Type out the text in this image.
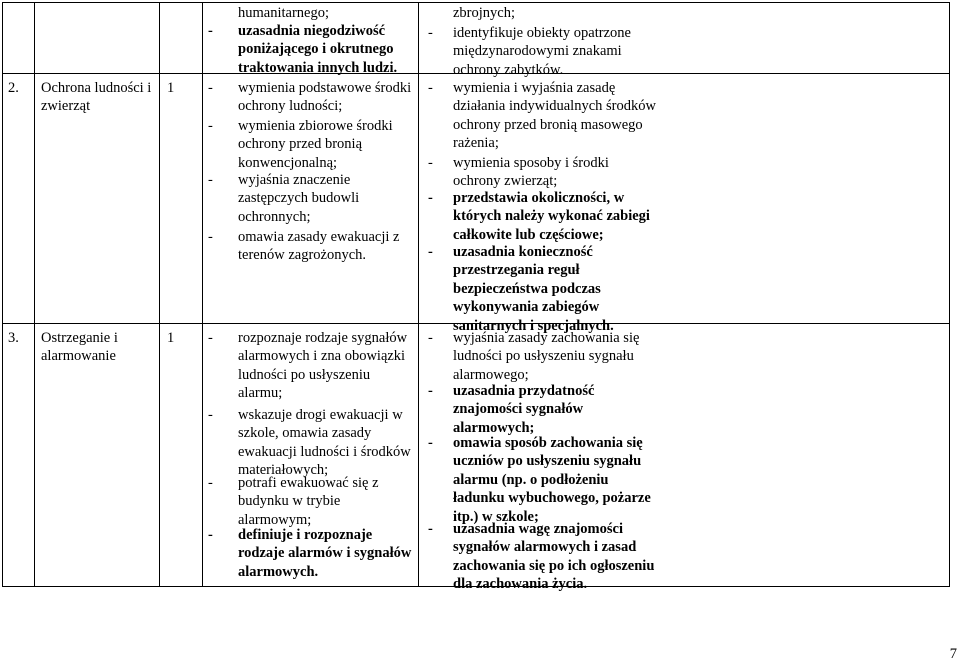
humanitarnego;
- uzasadnia niegodziwość
poniżającego i okrutnego
traktowania innych ludzi.
zbrojnych;
- identyfikuje obiekty opatrzone
międzynarodowymi znakami
ochrony zabytków.
2. Ochrona ludności i
zwierząt
1 - wymienia podstawowe środki
ochrony ludności;
- wymienia zbiorowe środki
ochrony przed bronią
konwencjonalną;
- wyjaśnia znaczenie
zastępczych budowli
ochronnych;
- omawia zasady ewakuacji z
terenów zagrożonych.
- wymienia i wyjaśnia zasadę
działania indywidualnych środków
ochrony przed bronią masowego
rażenia;
- wymienia sposoby i środki
ochrony zwierząt;
- przedstawia okoliczności, w
których należy wykonać zabiegi
całkowite lub częściowe;
- uzasadnia konieczność
przestrzegania reguł
bezpieczeństwa podczas
wykonywania zabiegów
sanitarnych i specjalnych.
3. Ostrzeganie i
alarmowanie
1 - rozpoznaje rodzaje sygnałów
alarmowych i zna obowiązki
ludności po usłyszeniu
alarmu;
- wskazuje drogi ewakuacji w
szkole, omawia zasady
ewakuacji ludności i środków
materiałowych;
- potrafi ewakuować się z
budynku w trybie
alarmowym;
- definiuje i rozpoznaje
rodzaje alarmów i sygnałów
alarmowych.
- wyjaśnia zasady zachowania się
ludności po usłyszeniu sygnału
alarmowego;
- uzasadnia przydatność
znajomości sygnałów
alarmowych;
- omawia sposób zachowania się
uczniów po usłyszeniu sygnału
alarmu (np. o podłożeniu
ładunku wybuchowego, pożarze
itp.) w szkole;
- uzasadnia wagę znajomości
sygnałów alarmowych i zasad
zachowania się po ich ogłoszeniu
dla zachowania życia.
7
